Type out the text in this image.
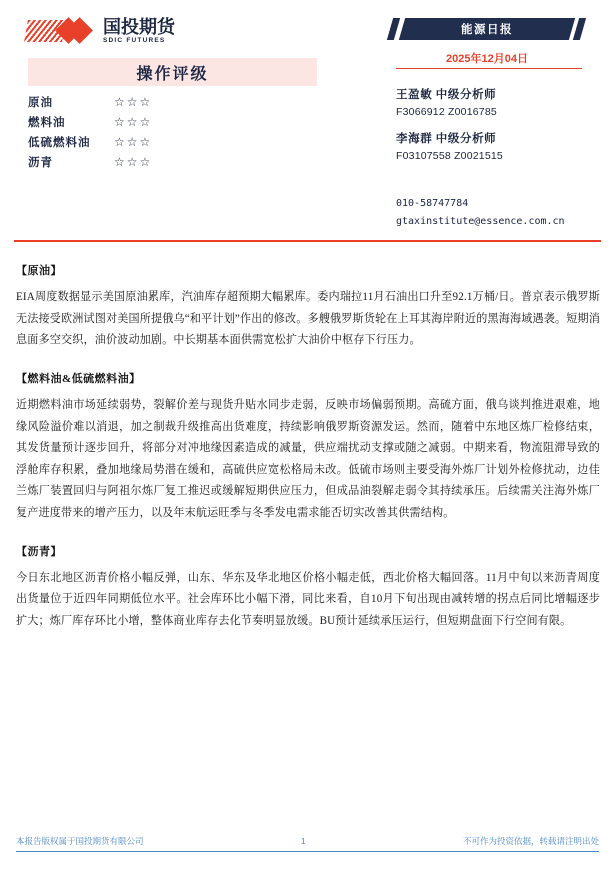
国投期货
SDIC FUTURES
操作评级
原油	☆☆☆
燃料油	☆☆☆
低硫燃料油	☆☆☆
沥青	☆☆☆
能源日报
2025年12月04日
王盈敏 中级分析师
F3066912 Z0016785
李海群 中级分析师
F03107558 Z0021515
010-58747784
gtaxinstitute@essence.com.cn
【原油】
EIA周度数据显示美国原油累库，汽油库存超预期大幅累库。委内瑞拉11月石油出口升至92.1万桶/日。普京表示俄罗斯无法接受欧洲试图对美国所提俄乌“和平计划”作出的修改。多艘俄罗斯货轮在上耳其海岸附近的黑海海域遇袭。短期消息面多空交织，油价波动加剧。中长期基本面供需宽松扩大油价中枢存下行压力。
【燃料油&低硫燃料油】
近期燃料油市场延续弱势，裂解价差与现货升贴水同步走弱，反映市场偏弱预期。高硫方面，俄乌谈判推进艰难，地缘风险溢价难以消退，加之制裁升级推高出货难度，持续影响俄罗斯资源发运。然而，随着中东地区炼厂检修结束，其发货量预计逐步回升，将部分对冲地缘因素造成的减量，供应端扰动支撑或随之减弱。中期来看，物流阻滞导致的浮舱库存积累，叠加地缘局势潜在缓和，高硫供应宽松格局未改。低硫市场则主要受海外炼厂计划外检修扰动，边佳兰炼厂装置回归与阿祖尔炼厂复工推迟或缓解短期供应压力，但成品油裂解走弱令其持续承压。后续需关注海外炼厂复产进度带来的增产压力，以及年末航运旺季与冬季发电需求能否切实改善其供需结构。
【沥青】
今日东北地区沥青价格小幅反弹，山东、华东及华北地区价格小幅走低，西北价格大幅回落。11月中旬以来沥青周度出货量位于近四年同期低位水平。社会库环比小幅下滑，同比来看，自10月下旬出现由减转增的拐点后同比增幅逐步扩大；炼厂库存环比小增，整体商业库存去化节奏明显放缓。BU预计延续承压运行，但短期盘面下行空间有限。
本报告版权属于国投期货有限公司	1	不可作为投资依据，转载请注明出处
